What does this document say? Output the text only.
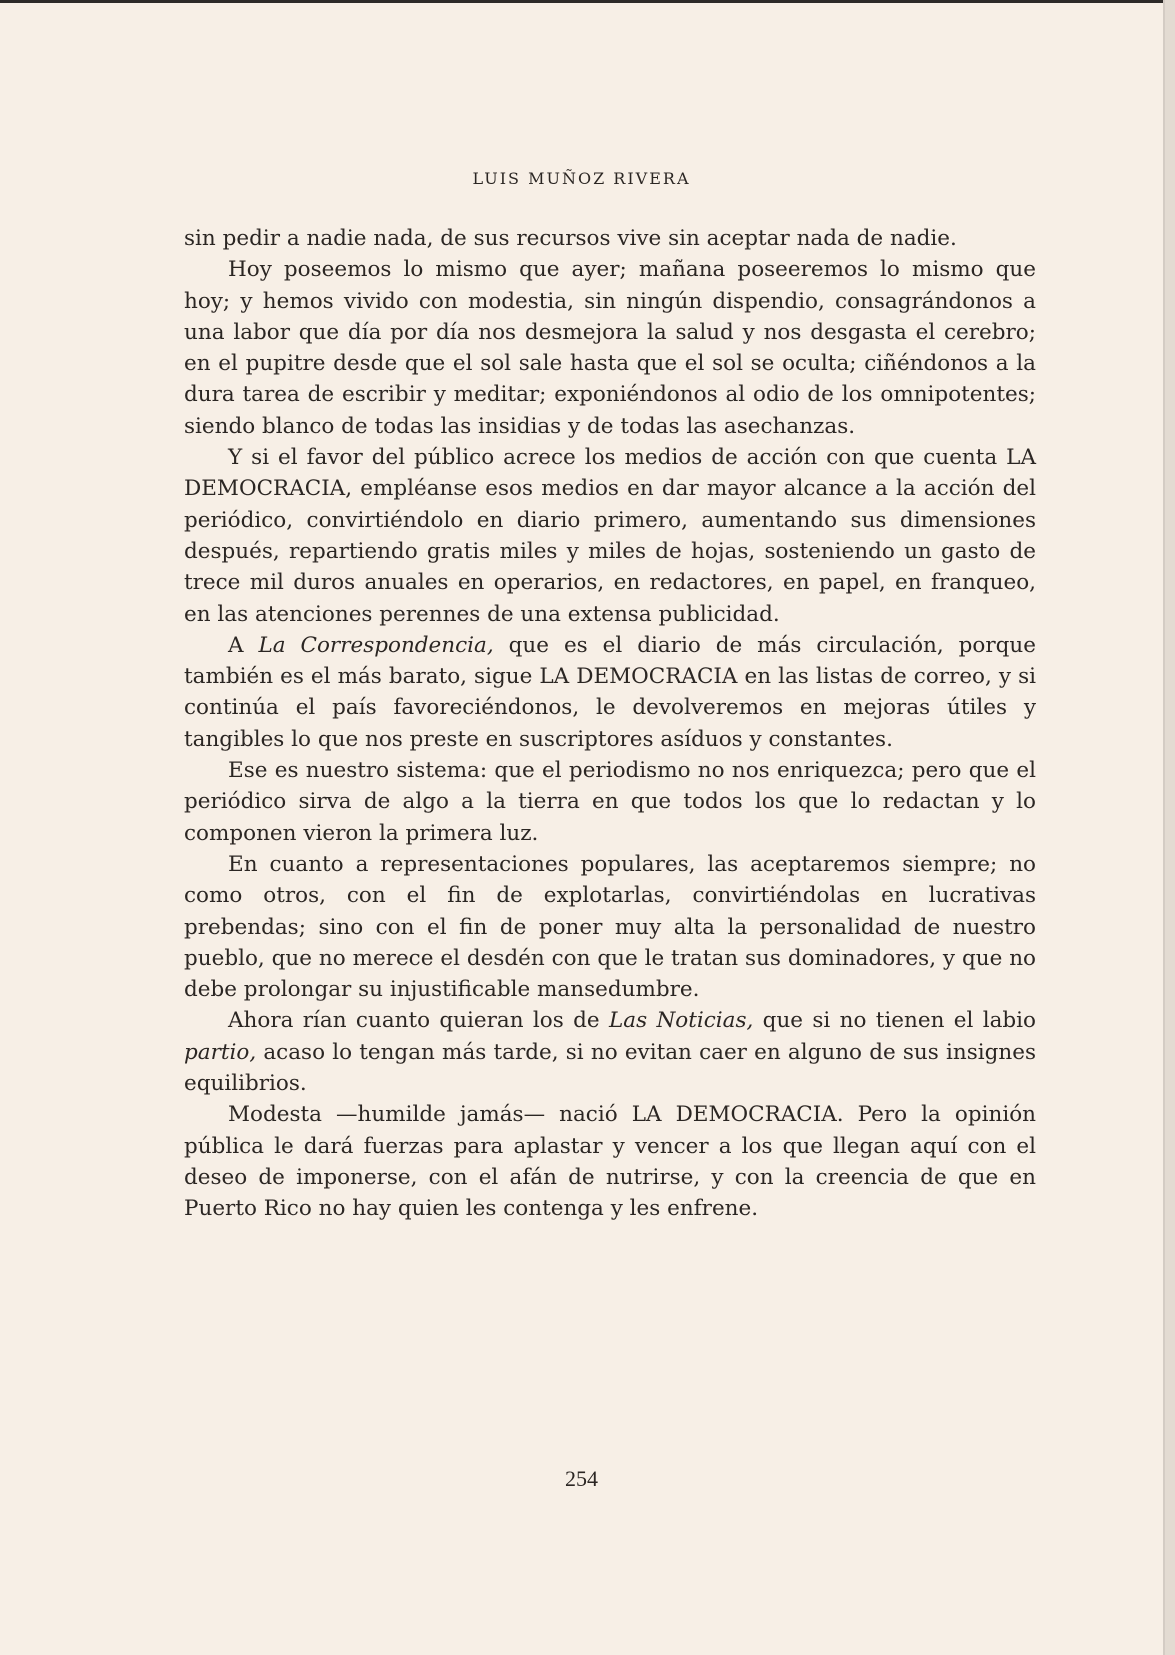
LUIS MUÑOZ RIVERA

sin pedir a nadie nada, de sus recursos vive sin aceptar nada de nadie.

Hoy poseemos lo mismo que ayer; mañana poseeremos lo mismo que hoy; y hemos vivido con modestia, sin ningún dispendio, consagrándonos a una labor que día por día nos desmejora la salud y nos desgasta el cerebro; en el pupitre desde que el sol sale hasta que el sol se oculta; ciñéndonos a la dura tarea de escribir y meditar; exponiéndonos al odio de los omnipotentes; siendo blanco de todas las insidias y de todas las asechanzas.

Y si el favor del público acrece los medios de acción con que cuenta LA DEMOCRACIA, empléanse esos medios en dar mayor alcance a la acción del periódico, convirtiéndolo en diario primero, aumentando sus dimensiones después, repartiendo gratis miles y miles de hojas, sosteniendo un gasto de trece mil duros anuales en operarios, en redactores, en papel, en franqueo, en las atenciones perennes de una extensa publicidad.

A La Correspondencia, que es el diario de más circulación, porque también es el más barato, sigue LA DEMOCRACIA en las listas de correo, y si continúa el país favoreciéndonos, le devolveremos en mejoras útiles y tangibles lo que nos preste en suscriptores asíduos y constantes.

Ese es nuestro sistema: que el periodismo no nos enriquezca; pero que el periódico sirva de algo a la tierra en que todos los que lo redactan y lo componen vieron la primera luz.

En cuanto a representaciones populares, las aceptaremos siempre; no como otros, con el fin de explotarlas, convirtiéndolas en lucrativas prebendas; sino con el fin de poner muy alta la personalidad de nuestro pueblo, que no merece el desdén con que le tratan sus dominadores, y que no debe prolongar su injustificable mansedumbre.

Ahora rían cuanto quieran los de Las Noticias, que si no tienen el labio partio, acaso lo tengan más tarde, si no evitan caer en alguno de sus insignes equilibrios.

Modesta —humilde jamás— nació LA DEMOCRACIA. Pero la opinión pública le dará fuerzas para aplastar y vencer a los que llegan aquí con el deseo de imponerse, con el afán de nutrirse, y con la creencia de que en Puerto Rico no hay quien les contenga y les enfrene.

254
